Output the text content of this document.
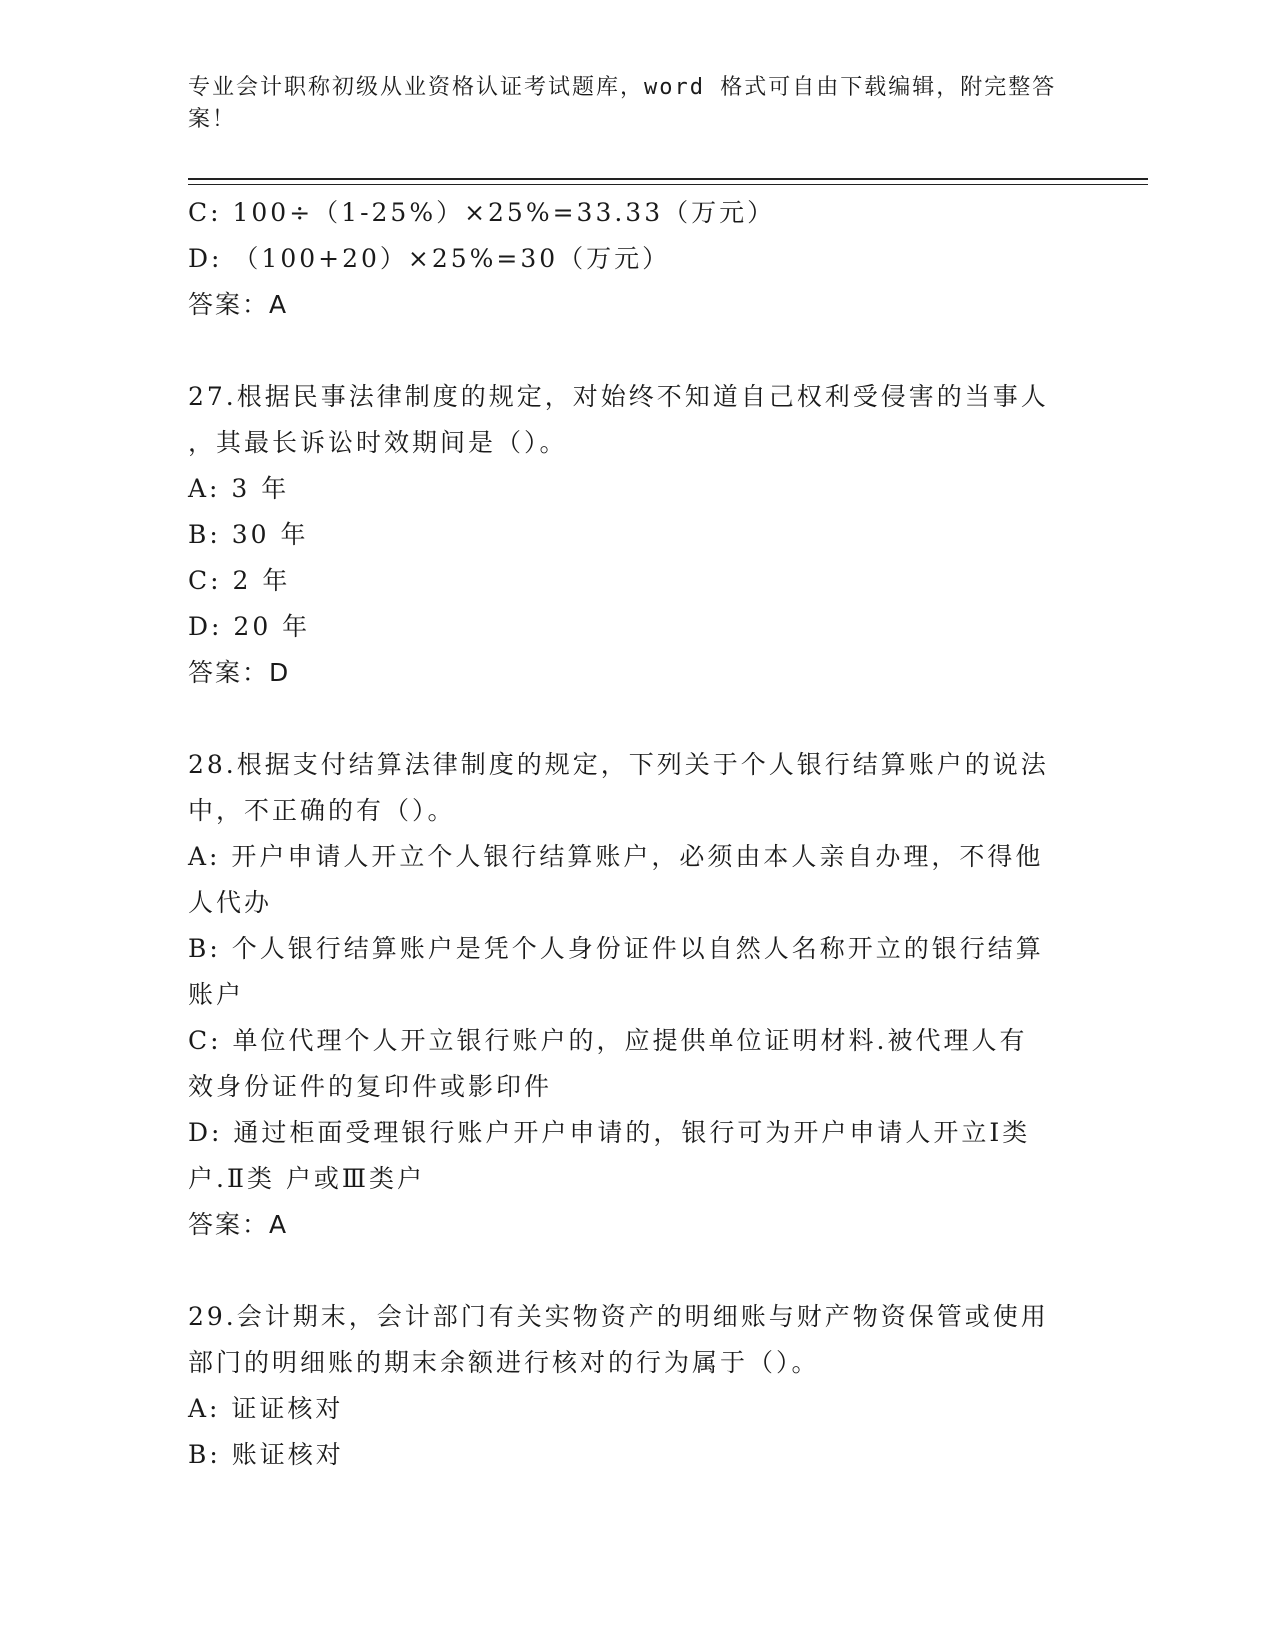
专业会计职称初级从业资格认证考试题库，word 格式可自由下载编辑，附完整答案！
C: 100÷（1-25%）×25%=33.33（万元）
D: （100+20）×25%=30（万元）
答案：A
27.根据民事法律制度的规定，对始终不知道自己权利受侵害的当事人
，其最长诉讼时效期间是（）。
A: 3 年
B: 30 年
C: 2 年
D: 20 年
答案：D
28.根据支付结算法律制度的规定，下列关于个人银行结算账户的说法
中，不正确的有（）。
A: 开户申请人开立个人银行结算账户，必须由本人亲自办理，不得他
人代办
B: 个人银行结算账户是凭个人身份证件以自然人名称开立的银行结算
账户
C: 单位代理个人开立银行账户的，应提供单位证明材料.被代理人有
效身份证件的复印件或影印件
D: 通过柜面受理银行账户开户申请的，银行可为开户申请人开立Ⅰ类
户.Ⅱ类 户或Ⅲ类户
答案：A
29.会计期末，会计部门有关实物资产的明细账与财产物资保管或使用
部门的明细账的期末余额进行核对的行为属于（）。
A: 证证核对
B: 账证核对
